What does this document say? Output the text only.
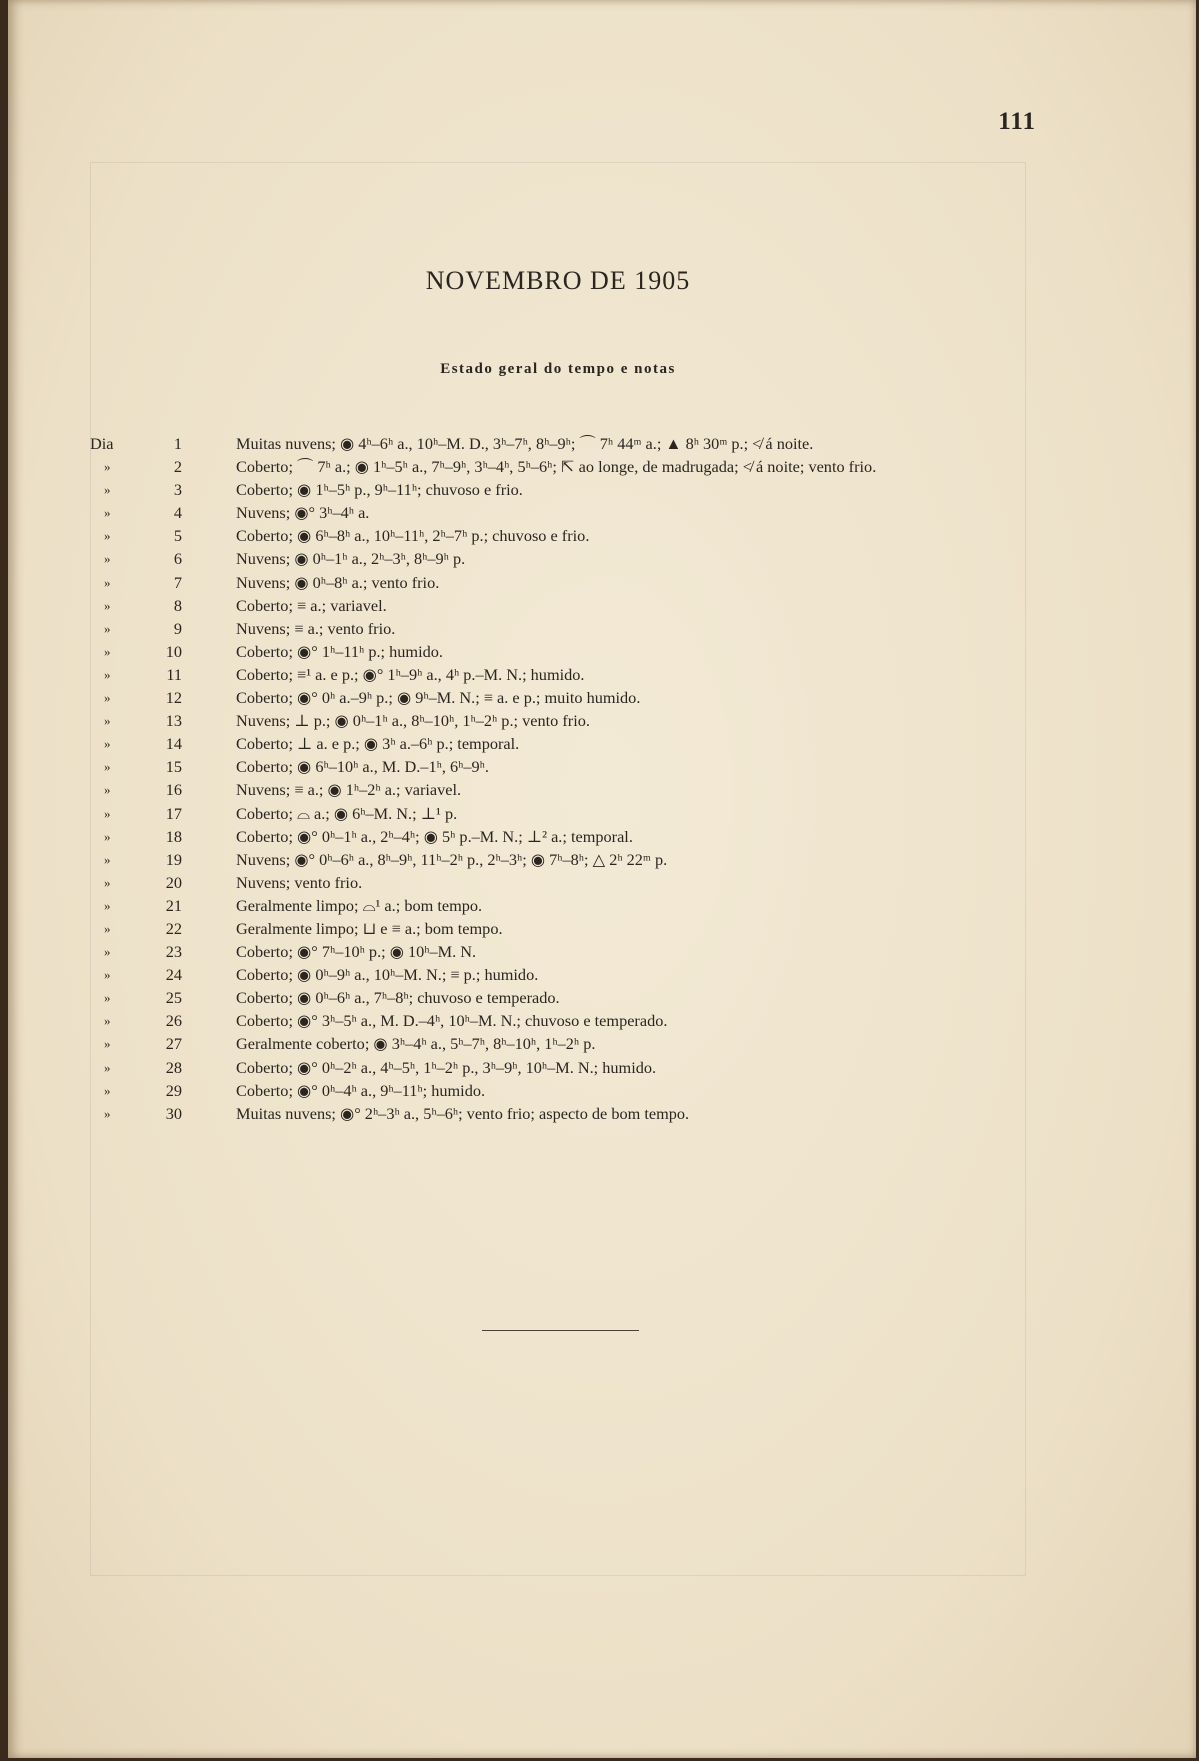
111
NOVEMBRO DE 1905
Estado geral do tempo e notas
Dia	1	Muitas nuvens; ◉ 4ʰ–6ʰ a., 10ʰ–M. D., 3ʰ–7ʰ, 8ʰ–9ʰ; ⌒ 7ʰ 44ᵐ a.; ▲ 8ʰ 30ᵐ p.; ≮ á noite.
»	2	Coberto; ⌒ 7ʰ a.; ◉ 1ʰ–5ʰ a., 7ʰ–9ʰ, 3ʰ–4ʰ, 5ʰ–6ʰ; ⇱ ao longe, de madrugada; ≮ á noite; vento frio.
»	3	Coberto; ◉ 1ʰ–5ʰ p., 9ʰ–11ʰ; chuvoso e frio.
»	4	Nuvens; ◉° 3ʰ–4ʰ a.
»	5	Coberto; ◉ 6ʰ–8ʰ a., 10ʰ–11ʰ, 2ʰ–7ʰ p.; chuvoso e frio.
»	6	Nuvens; ◉ 0ʰ–1ʰ a., 2ʰ–3ʰ, 8ʰ–9ʰ p.
»	7	Nuvens; ◉ 0ʰ–8ʰ a.; vento frio.
»	8	Coberto; ≡ a.; variavel.
»	9	Nuvens; ≡ a.; vento frio.
»	10	Coberto; ◉° 1ʰ–11ʰ p.; humido.
»	11	Coberto; ≡¹ a. e p.; ◉° 1ʰ–9ʰ a., 4ʰ p.–M. N.; humido.
»	12	Coberto; ◉° 0ʰ a.–9ʰ p.; ◉ 9ʰ–M. N.; ≡ a. e p.; muito humido.
»	13	Nuvens; ⊥ p.; ◉ 0ʰ–1ʰ a., 8ʰ–10ʰ, 1ʰ–2ʰ p.; vento frio.
»	14	Coberto; ⊥ a. e p.; ◉ 3ʰ a.–6ʰ p.; temporal.
»	15	Coberto; ◉ 6ʰ–10ʰ a., M. D.–1ʰ, 6ʰ–9ʰ.
»	16	Nuvens; ≡ a.; ◉ 1ʰ–2ʰ a.; variavel.
»	17	Coberto; ⌓ a.; ◉ 6ʰ–M. N.; ⊥¹ p.
»	18	Coberto; ◉° 0ʰ–1ʰ a., 2ʰ–4ʰ; ◉ 5ʰ p.–M. N.; ⊥² a.; temporal.
»	19	Nuvens; ◉° 0ʰ–6ʰ a., 8ʰ–9ʰ, 11ʰ–2ʰ p., 2ʰ–3ʰ; ◉ 7ʰ–8ʰ; △ 2ʰ 22ᵐ p.
»	20	Nuvens; vento frio.
»	21	Geralmente limpo; ⌓¹ a.; bom tempo.
»	22	Geralmente limpo; ⊔ e ≡ a.; bom tempo.
»	23	Coberto; ◉° 7ʰ–10ʰ p.; ◉ 10ʰ–M. N.
»	24	Coberto; ◉ 0ʰ–9ʰ a., 10ʰ–M. N.; ≡ p.; humido.
»	25	Coberto; ◉ 0ʰ–6ʰ a., 7ʰ–8ʰ; chuvoso e temperado.
»	26	Coberto; ◉° 3ʰ–5ʰ a., M. D.–4ʰ, 10ʰ–M. N.; chuvoso e temperado.
»	27	Geralmente coberto; ◉ 3ʰ–4ʰ a., 5ʰ–7ʰ, 8ʰ–10ʰ, 1ʰ–2ʰ p.
»	28	Coberto; ◉° 0ʰ–2ʰ a., 4ʰ–5ʰ, 1ʰ–2ʰ p., 3ʰ–9ʰ, 10ʰ–M. N.; humido.
»	29	Coberto; ◉° 0ʰ–4ʰ a., 9ʰ–11ʰ; humido.
»	30	Muitas nuvens; ◉° 2ʰ–3ʰ a., 5ʰ–6ʰ; vento frio; aspecto de bom tempo.
